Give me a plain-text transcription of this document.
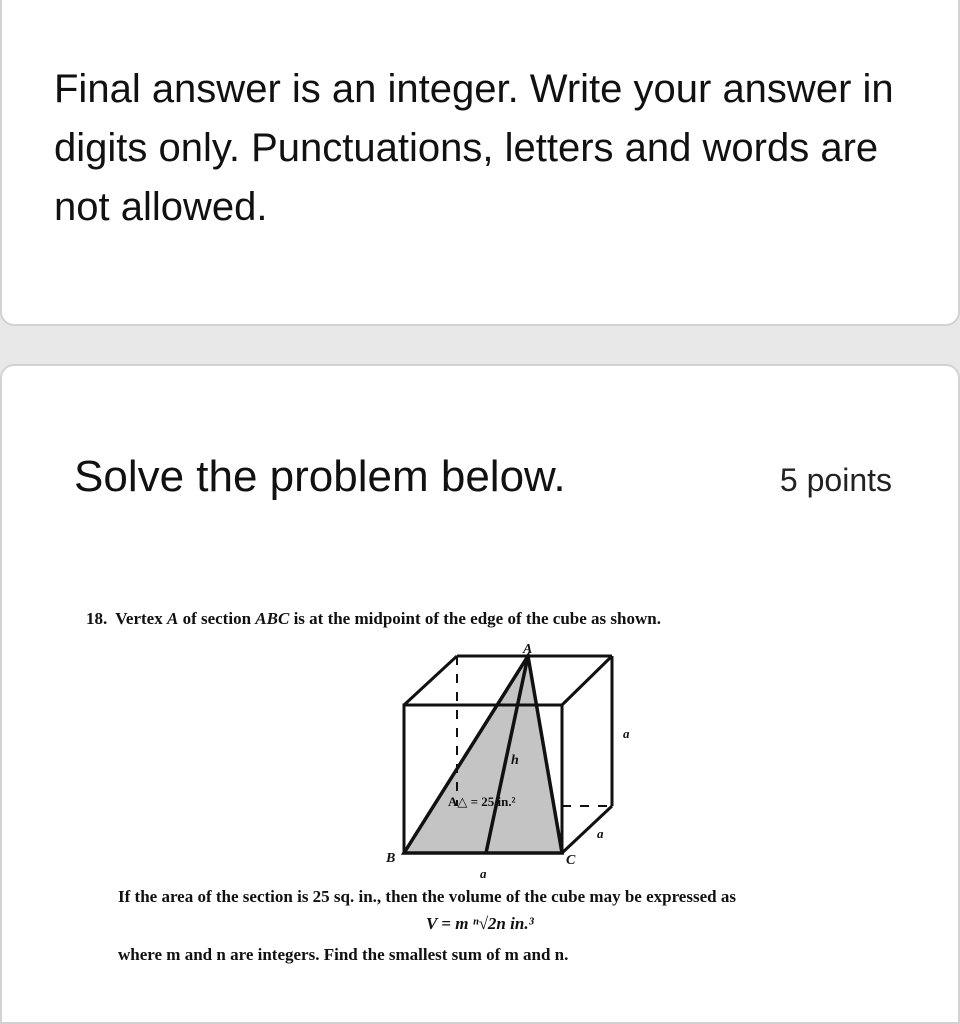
Final answer is an integer. Write your answer in digits only. Punctuations, letters and words are not allowed.

Solve the problem below.	5 points
18. Vertex A of section ABC is at the midpoint of the edge of the cube as shown.
A
B	C
h
a
a
a
A△ = 25 in.²
If the area of the section is 25 sq. in., then the volume of the cube may be expressed as
V = m ⁿ√2n in.³
where m and n are integers. Find the smallest sum of m and n.
